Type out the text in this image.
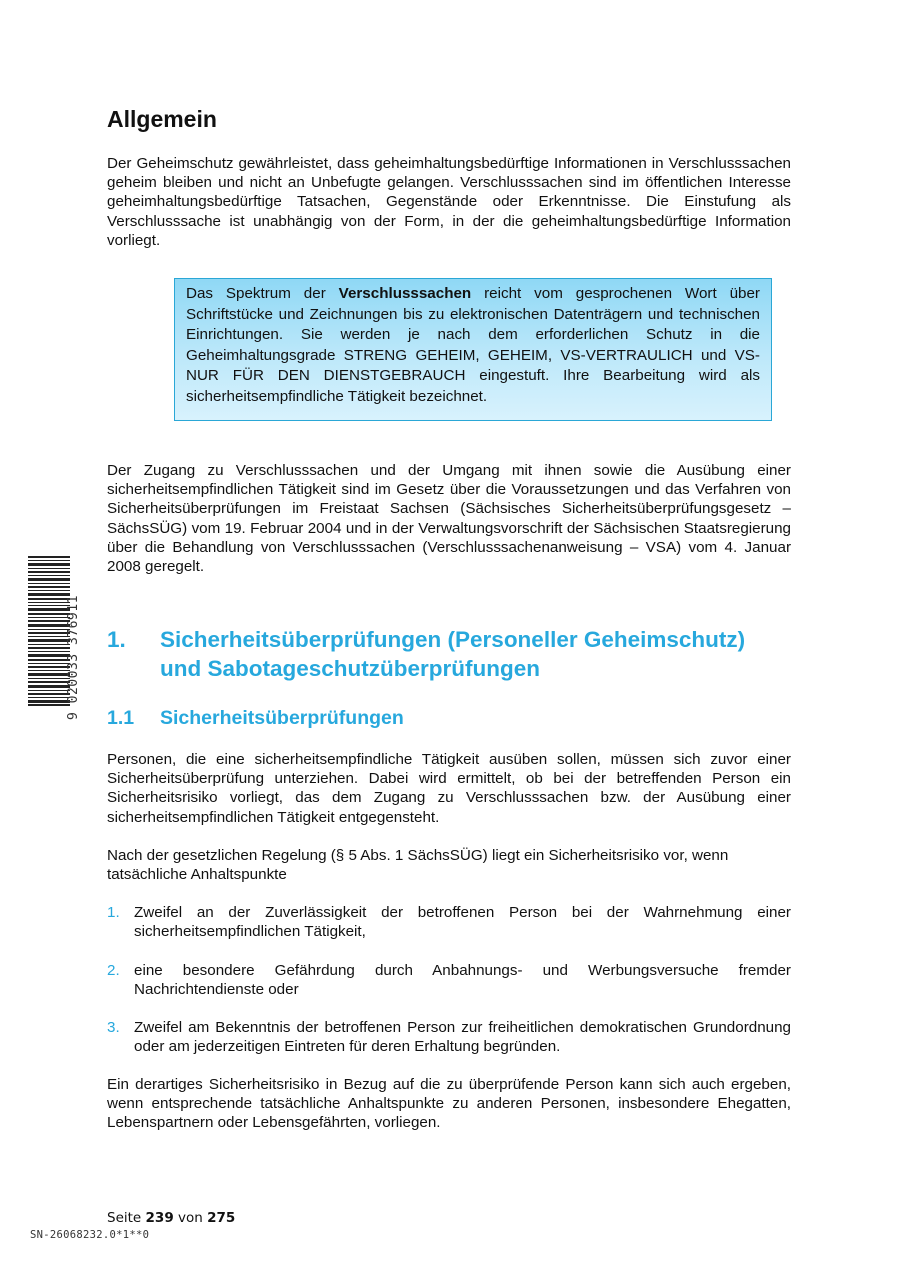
Allgemein

Der Geheimschutz gewährleistet, dass geheimhaltungsbedürftige Informationen in Verschlusssachen geheim bleiben und nicht an Unbefugte gelangen. Verschlusssachen sind im öffentlichen Interesse geheimhaltungsbedürftige Tatsachen, Gegenstände oder Erkenntnisse. Die Einstufung als Verschlusssache ist unabhängig von der Form, in der die geheimhaltungsbedürftige Information vorliegt.

Das Spektrum der Verschlusssachen reicht vom gesprochenen Wort über Schriftstücke und Zeichnungen bis zu elektronischen Datenträgern und technischen Einrichtungen. Sie werden je nach dem erforderlichen Schutz in die Geheimhaltungsgrade STRENG GEHEIM, GEHEIM, VS-VERTRAULICH und VS-NUR FÜR DEN DIENSTGEBRAUCH eingestuft. Ihre Bearbeitung wird als sicherheitsempfindliche Tätigkeit bezeichnet.

Der Zugang zu Verschlusssachen und der Umgang mit ihnen sowie die Ausübung einer sicherheitsempfindlichen Tätigkeit sind im Gesetz über die Voraussetzungen und das Verfahren von Sicherheitsüberprüfungen im Freistaat Sachsen (Sächsisches Sicherheitsüberprüfungsgesetz – SächsSÜG) vom 19. Februar 2004 und in der Verwaltungsvorschrift der Sächsischen Staatsregierung über die Behandlung von Verschlusssachen (Verschlusssachenanweisung – VSA) vom 4. Januar 2008 geregelt.

1. Sicherheitsüberprüfungen (Personeller Geheimschutz) und Sabotageschutzüberprüfungen
1.1 Sicherheitsüberprüfungen

Personen, die eine sicherheitsempfindliche Tätigkeit ausüben sollen, müssen sich zuvor einer Sicherheitsüberprüfung unterziehen. Dabei wird ermittelt, ob bei der betreffenden Person ein Sicherheitsrisiko vorliegt, das dem Zugang zu Verschlusssachen bzw. der Ausübung einer sicherheitsempfindlichen Tätigkeit entgegensteht.

Nach der gesetzlichen Regelung (§ 5 Abs. 1 SächsSÜG) liegt ein Sicherheitsrisiko vor, wenn tatsächliche Anhaltspunkte

1. Zweifel an der Zuverlässigkeit der betroffenen Person bei der Wahrnehmung einer sicherheitsempfindlichen Tätigkeit,

2. eine besondere Gefährdung durch Anbahnungs- und Werbungsversuche fremder Nachrichtendienste oder

3. Zweifel am Bekenntnis der betroffenen Person zur freiheitlichen demokratischen Grundordnung oder am jederzeitigen Eintreten für deren Erhaltung begründen.

Ein derartiges Sicherheitsrisiko in Bezug auf die zu überprüfende Person kann sich auch ergeben, wenn entsprechende tatsächliche Anhaltspunkte zu anderen Personen, insbesondere Ehegatten, Lebenspartnern oder Lebensgefährten, vorliegen.

9 020033 376911
Seite 239 von 275
SN-26068232.0*1**0
